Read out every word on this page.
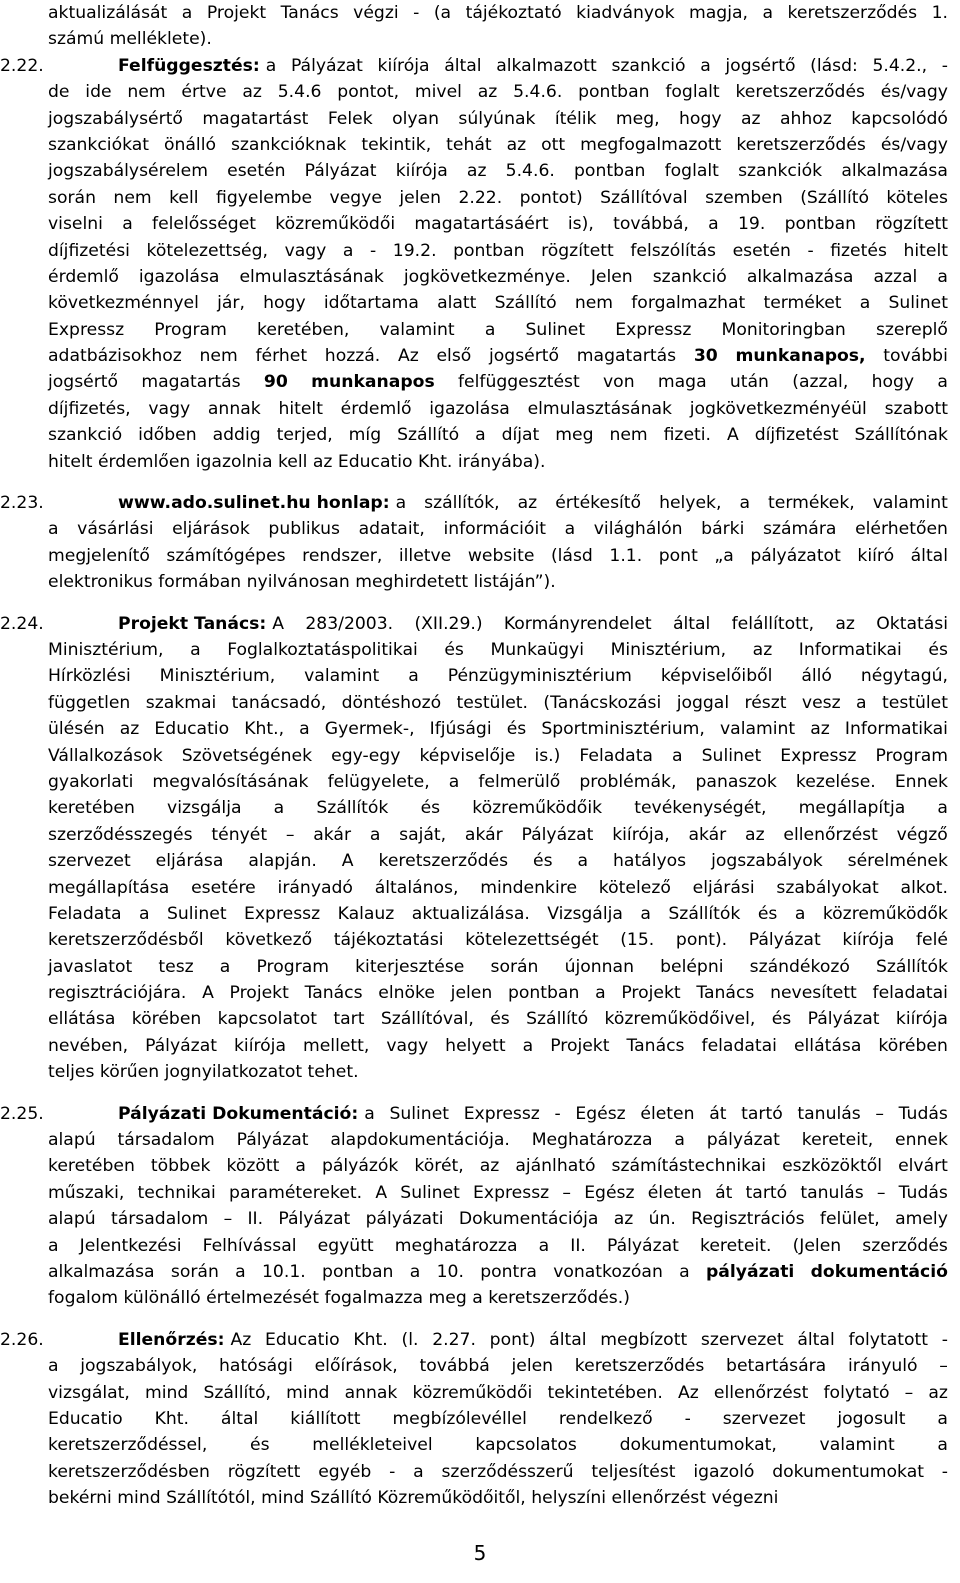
aktualizálását a Projekt Tanács végzi - (a tájékoztató kiadványok magja, a keretszerződés 1.
számú melléklete).
2.22.	Felfüggesztés: a Pályázat kiírója által alkalmazott szankció a jogsértő (lásd: 5.4.2., -
de ide nem értve az 5.4.6 pontot, mivel az 5.4.6. pontban foglalt keretszerződés és/vagy
jogszabálysértő magatartást Felek olyan súlyúnak ítélik meg, hogy az ahhoz kapcsolódó
szankciókat önálló szankcióknak tekintik, tehát az ott megfogalmazott keretszerződés és/vagy
jogszabálysérelem esetén Pályázat kiírója az 5.4.6. pontban foglalt szankciók alkalmazása
során nem kell figyelembe vegye jelen 2.22. pontot) Szállítóval szemben (Szállító köteles
viselni a felelősséget közreműködői magatartásáért is), továbbá, a 19. pontban rögzített
díjfizetési kötelezettség, vagy a - 19.2. pontban rögzített felszólítás esetén - fizetés hitelt
érdemlő igazolása elmulasztásának jogkövetkezménye. Jelen szankció alkalmazása azzal a
következménnyel jár, hogy időtartama alatt Szállító nem forgalmazhat terméket a Sulinet
Expressz Program keretében, valamint a Sulinet Expressz Monitoringban szereplő
adatbázisokhoz nem férhet hozzá. Az első jogsértő magatartás 30 munkanapos, további
jogsértő magatartás 90 munkanapos felfüggesztést von maga után (azzal, hogy a
díjfizetés, vagy annak hitelt érdemlő igazolása elmulasztásának jogkövetkezményéül szabott
szankció időben addig terjed, míg Szállító a díjat meg nem fizeti. A díjfizetést Szállítónak
hitelt érdemlően igazolnia kell az Educatio Kht. irányába).
2.23.	www.ado.sulinet.hu honlap: a szállítók, az értékesítő helyek, a termékek, valamint
a vásárlási eljárások publikus adatait, információit a világhálón bárki számára elérhetően
megjelenítő számítógépes rendszer, illetve website (lásd 1.1. pont „a pályázatot kiíró által
elektronikus formában nyilvánosan meghirdetett listáján”).
2.24.	Projekt Tanács: A 283/2003. (XII.29.) Kormányrendelet által felállított, az Oktatási
Minisztérium, a Foglalkoztatáspolitikai és Munkaügyi Minisztérium, az Informatikai és
Hírközlési Minisztérium, valamint a Pénzügyminisztérium képviselőiből álló négytagú,
független szakmai tanácsadó, döntéshozó testület. (Tanácskozási joggal részt vesz a testület
ülésén az Educatio Kht., a Gyermek-, Ifjúsági és Sportminisztérium, valamint az Informatikai
Vállalkozások Szövetségének egy-egy képviselője is.) Feladata a Sulinet Expressz Program
gyakorlati megvalósításának felügyelete, a felmerülő problémák, panaszok kezelése. Ennek
keretében vizsgálja a Szállítók és közreműködőik tevékenységét, megállapítja a
szerződésszegés tényét – akár a saját, akár Pályázat kiírója, akár az ellenőrzést végző
szervezet eljárása alapján. A keretszerződés és a hatályos jogszabályok sérelmének
megállapítása esetére irányadó általános, mindenkire kötelező eljárási szabályokat alkot.
Feladata a Sulinet Expressz Kalauz aktualizálása. Vizsgálja a Szállítók és a közreműködők
keretszerződésből következő tájékoztatási kötelezettségét (15. pont). Pályázat kiírója felé
javaslatot tesz a Program kiterjesztése során újonnan belépni szándékozó Szállítók
regisztrációjára. A Projekt Tanács elnöke jelen pontban a Projekt Tanács nevesített feladatai
ellátása körében kapcsolatot tart Szállítóval, és Szállító közreműködőivel, és Pályázat kiírója
nevében, Pályázat kiírója mellett, vagy helyett a Projekt Tanács feladatai ellátása körében
teljes körűen jognyilatkozatot tehet.
2.25.	Pályázati Dokumentáció: a Sulinet Expressz - Egész életen át tartó tanulás – Tudás
alapú társadalom Pályázat alapdokumentációja. Meghatározza a pályázat kereteit, ennek
keretében többek között a pályázók körét, az ajánlható számítástechnikai eszközöktől elvárt
műszaki, technikai paramétereket. A Sulinet Expressz – Egész életen át tartó tanulás – Tudás
alapú társadalom – II. Pályázat pályázati Dokumentációja az ún. Regisztrációs felület, amely
a Jelentkezési Felhívással együtt meghatározza a II. Pályázat kereteit. (Jelen szerződés
alkalmazása során a 10.1. pontban a 10. pontra vonatkozóan a pályázati dokumentáció
fogalom különálló értelmezését fogalmazza meg a keretszerződés.)
2.26.	Ellenőrzés: Az Educatio Kht. (l. 2.27. pont) által megbízott szervezet által folytatott -
a jogszabályok, hatósági előírások, továbbá jelen keretszerződés betartására irányuló –
vizsgálat, mind Szállító, mind annak közreműködői tekintetében. Az ellenőrzést folytató – az
Educatio Kht. által kiállított megbízólevéllel rendelkező - szervezet jogosult a
keretszerződéssel, és mellékleteivel kapcsolatos dokumentumokat, valamint a
keretszerződésben rögzített egyéb - a szerződésszerű teljesítést igazoló dokumentumokat -
bekérni mind Szállítótól, mind Szállító Közreműködőitől, helyszíni ellenőrzést végezni
5
